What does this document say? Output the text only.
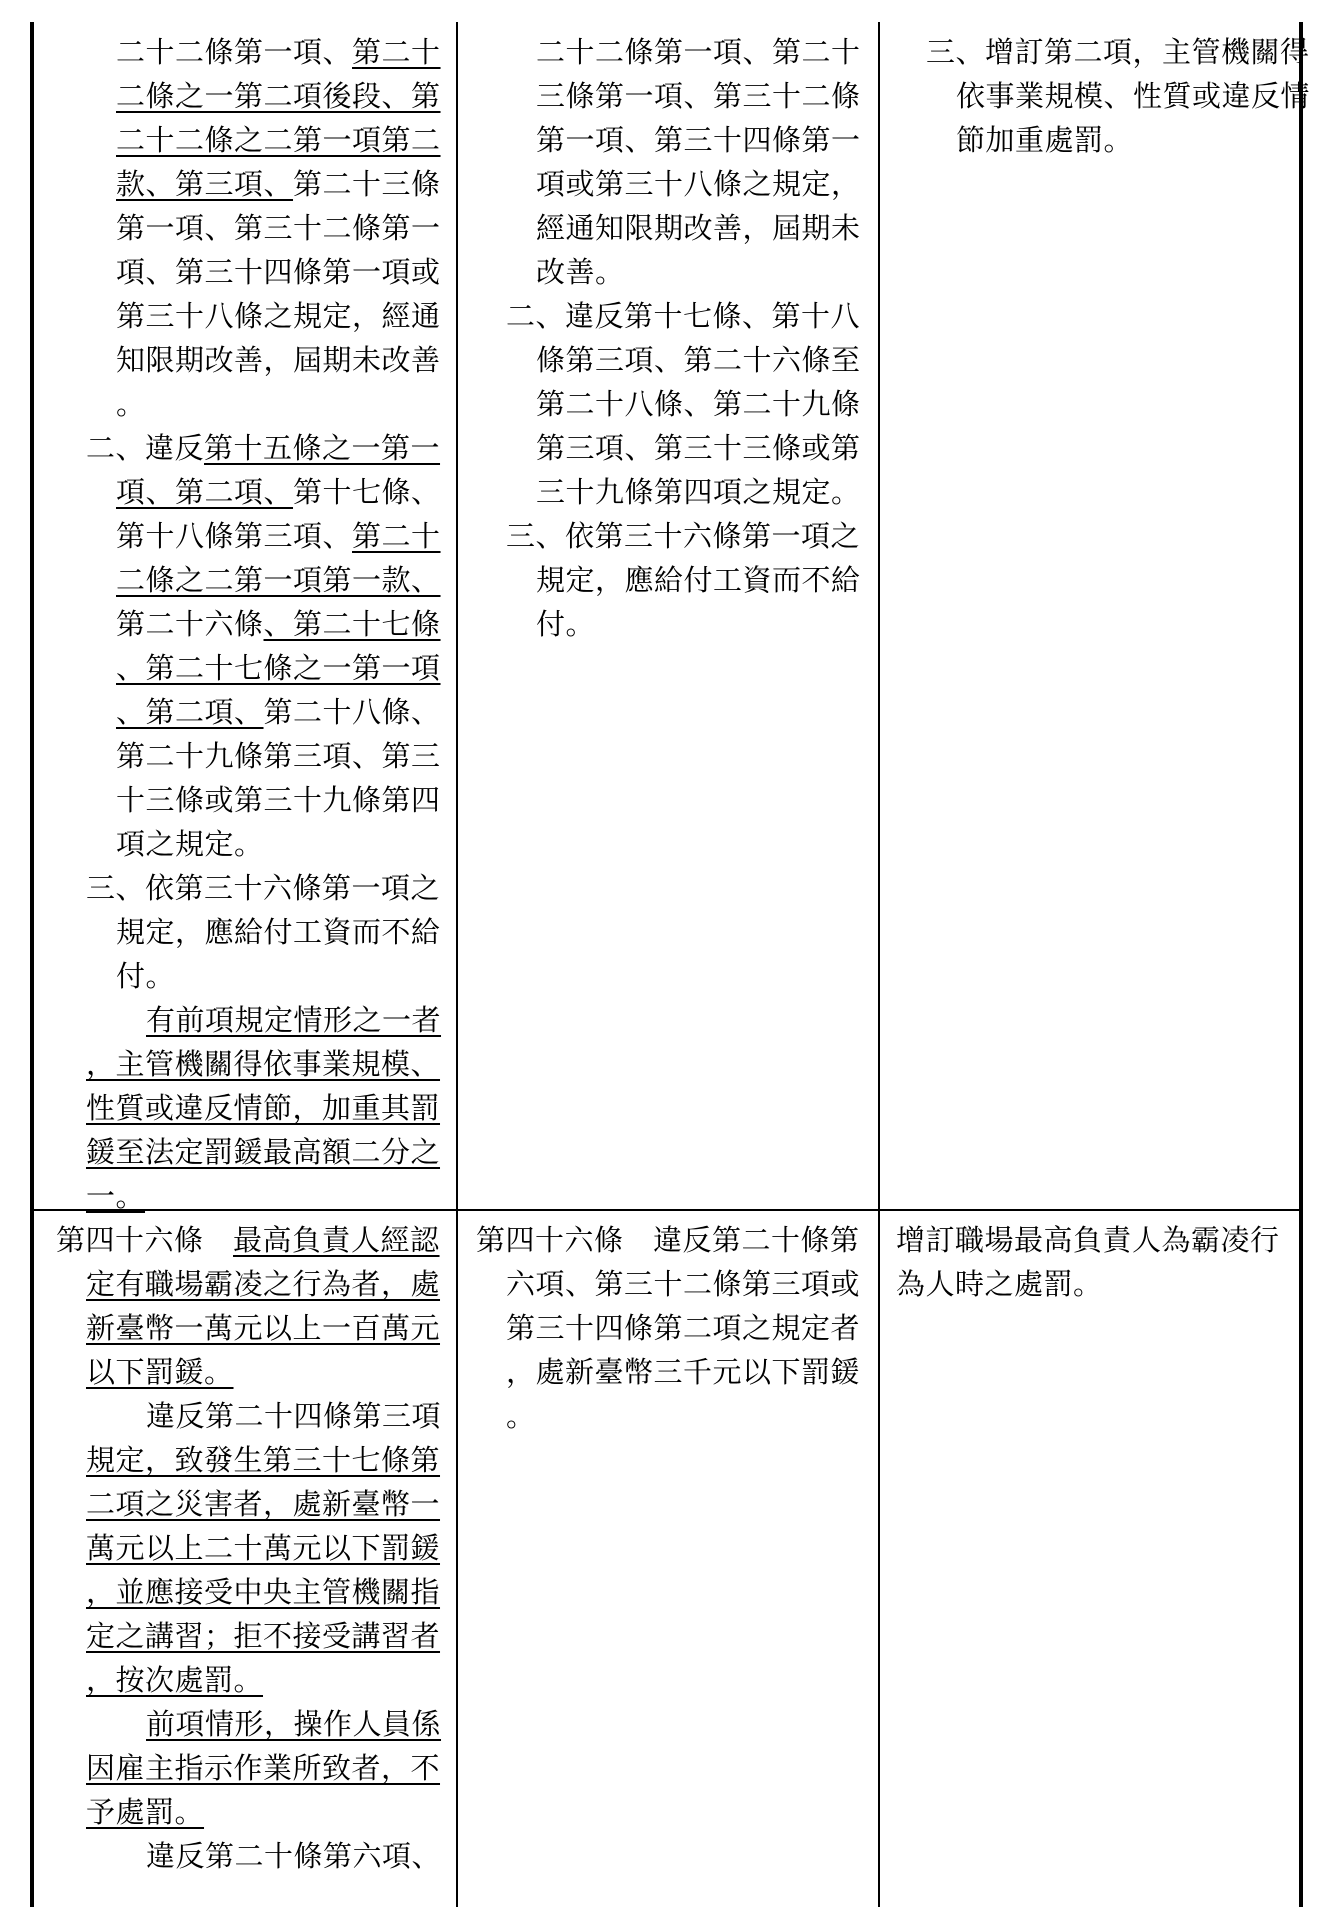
二十二條第一項、第二十
二條之一第二項後段、第
二十二條之二第一項第二
款、第三項、第二十三條
第一項、第三十二條第一
項、第三十四條第一項或
第三十八條之規定，經通
知限期改善，屆期未改善
。
二、違反第十五條之一第一
項、第二項、第十七條、
第十八條第三項、第二十
二條之二第一項第一款、
第二十六條、第二十七條
、第二十七條之一第一項
、第二項、第二十八條、
第二十九條第三項、第三
十三條或第三十九條第四
項之規定。
三、依第三十六條第一項之
規定，應給付工資而不給
付。
有前項規定情形之一者
，主管機關得依事業規模、
性質或違反情節，加重其罰
鍰至法定罰鍰最高額二分之
一。
二十二條第一項、第二十
三條第一項、第三十二條
第一項、第三十四條第一
項或第三十八條之規定，
經通知限期改善，屆期未
改善。
二、違反第十七條、第十八
條第三項、第二十六條至
第二十八條、第二十九條
第三項、第三十三條或第
三十九條第四項之規定。
三、依第三十六條第一項之
規定，應給付工資而不給
付。
三、增訂第二項，主管機關得
依事業規模、性質或違反情
節加重處罰。
第四十六條　最高負責人經認
定有職場霸凌之行為者，處
新臺幣一萬元以上一百萬元
以下罰鍰。
違反第二十四條第三項
規定，致發生第三十七條第
二項之災害者，處新臺幣一
萬元以上二十萬元以下罰鍰
，並應接受中央主管機關指
定之講習；拒不接受講習者
，按次處罰。
前項情形，操作人員係
因雇主指示作業所致者，不
予處罰。
違反第二十條第六項、
第四十六條　違反第二十條第
六項、第三十二條第三項或
第三十四條第二項之規定者
，處新臺幣三千元以下罰鍰
。
增訂職場最高負責人為霸凌行
為人時之處罰。
